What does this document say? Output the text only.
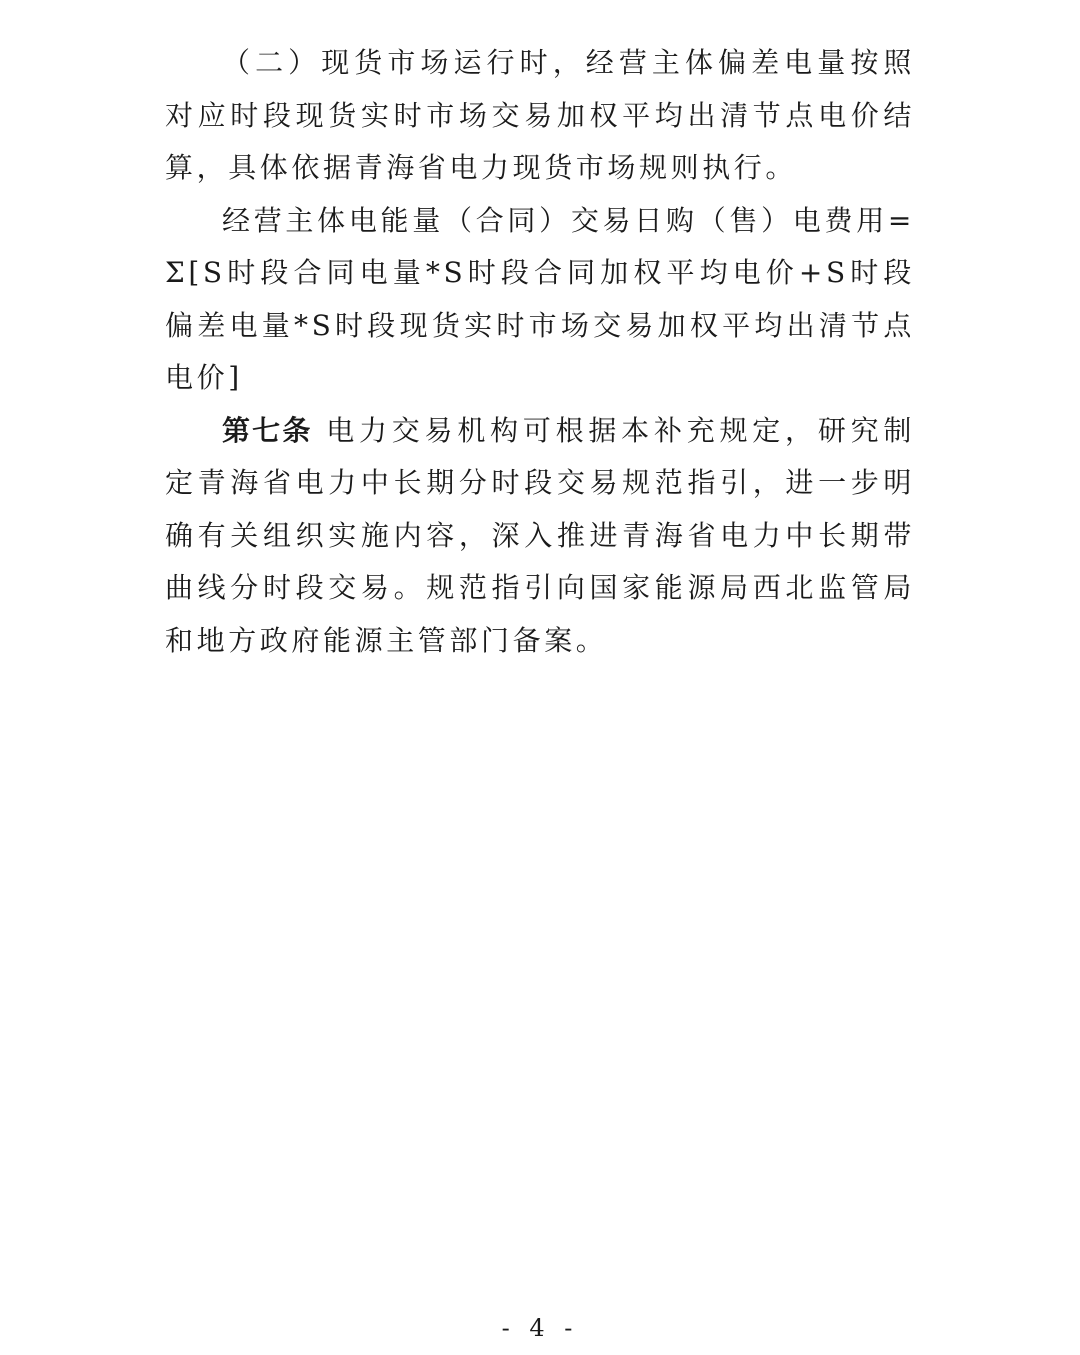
（二）现货市场运行时，经营主体偏差电量按照对应时段现货实时市场交易加权平均出清节点电价结算，具体依据青海省电力现货市场规则执行。

经营主体电能量（合同）交易日购（售）电费用=Σ[S时段合同电量*S时段合同加权平均电价+S时段偏差电量*S时段现货实时市场交易加权平均出清节点电价]

第七条 电力交易机构可根据本补充规定，研究制定青海省电力中长期分时段交易规范指引，进一步明确有关组织实施内容，深入推进青海省电力中长期带曲线分时段交易。规范指引向国家能源局西北监管局和地方政府能源主管部门备案。

- 4 -
